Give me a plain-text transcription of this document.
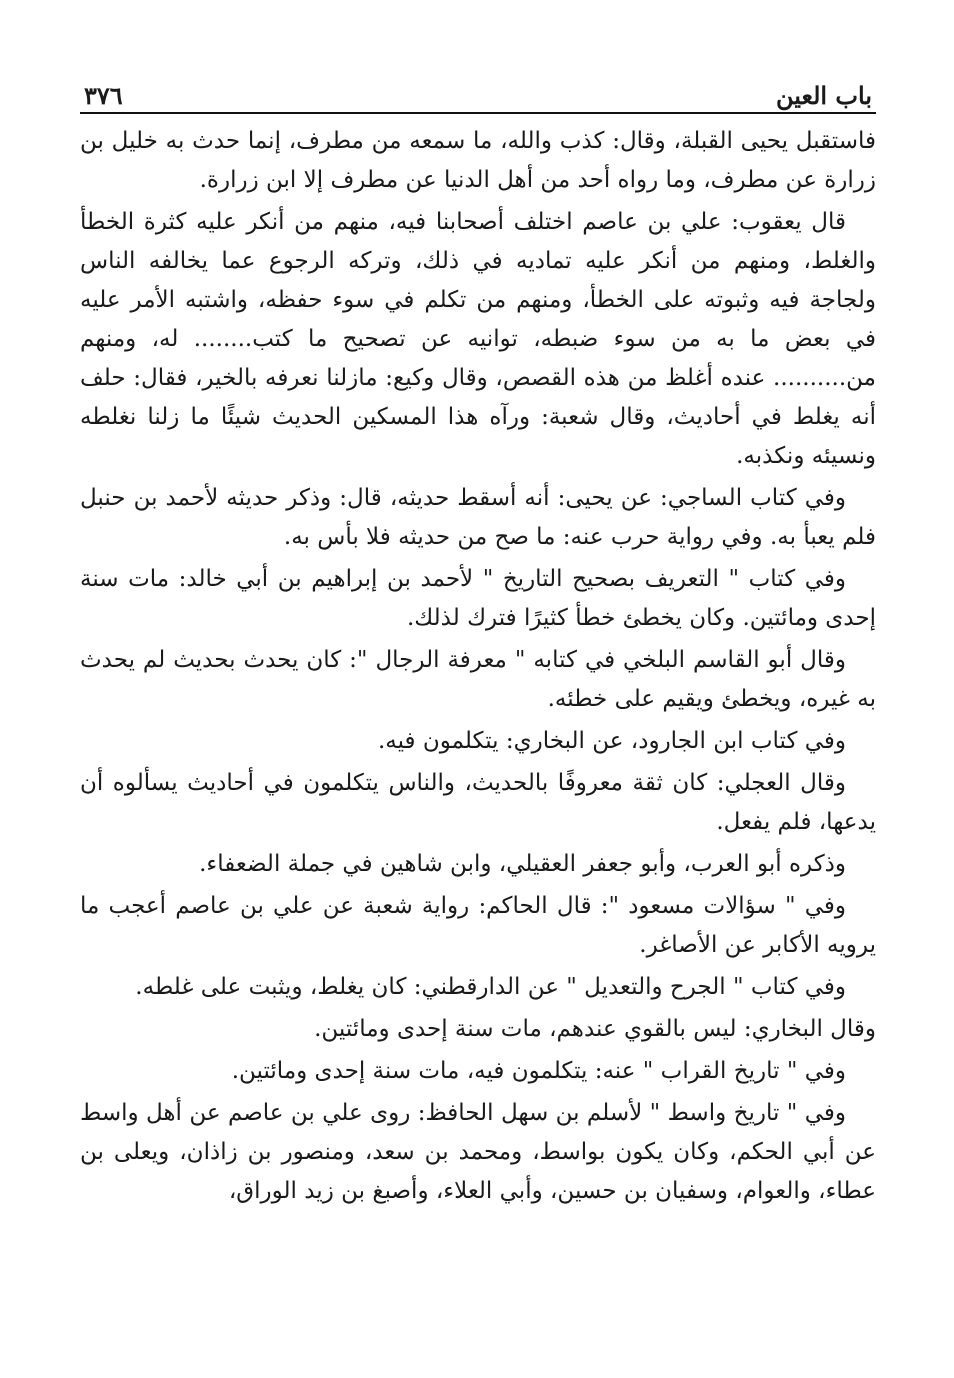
باب العين
٣٧٦

فاستقبل يحيى القبلة، وقال: كذب والله، ما سمعه من مطرف، إنما حدث به خليل بن زرارة عن مطرف، وما رواه أحد من أهل الدنيا عن مطرف إلا ابن زرارة.

قال يعقوب: علي بن عاصم اختلف أصحابنا فيه، منهم من أنكر عليه كثرة الخطأ والغلط، ومنهم من أنكر عليه تماديه في ذلك، وتركه الرجوع عما يخالفه الناس ولجاجة فيه وثبوته على الخطأ، ومنهم من تكلم في سوء حفظه، واشتبه الأمر عليه في بعض ما به من سوء ضبطه، توانيه عن تصحيح ما كتب........ له، ومنهم من.......... عنده أغلظ من هذه القصص، وقال وكيع: مازلنا نعرفه بالخير، فقال: حلف أنه يغلط في أحاديث، وقال شعبة: ورآه هذا المسكين الحديث شيئًا ما زلنا نغلطه ونسيئه ونكذبه.

وفي كتاب الساجي: عن يحيى: أنه أسقط حديثه، قال: وذكر حديثه لأحمد بن حنبل فلم يعبأ به. وفي رواية حرب عنه: ما صح من حديثه فلا بأس به.

وفي كتاب " التعريف بصحيح التاريخ " لأحمد بن إبراهيم بن أبي خالد: مات سنة إحدى ومائتين. وكان يخطئ خطأ كثيرًا فترك لذلك.

وقال أبو القاسم البلخي في كتابه " معرفة الرجال ": كان يحدث بحديث لم يحدث به غيره، ويخطئ ويقيم على خطئه.

وفي كتاب ابن الجارود، عن البخاري: يتكلمون فيه.

وقال العجلي: كان ثقة معروفًا بالحديث، والناس يتكلمون في أحاديث يسألوه أن يدعها، فلم يفعل.

وذكره أبو العرب، وأبو جعفر العقيلي، وابن شاهين في جملة الضعفاء.

وفي " سؤالات مسعود ": قال الحاكم: رواية شعبة عن علي بن عاصم أعجب ما يرويه الأكابر عن الأصاغر.

وفي كتاب " الجرح والتعديل " عن الدارقطني: كان يغلط، ويثبت على غلطه.

وقال البخاري: ليس بالقوي عندهم، مات سنة إحدى ومائتين.

وفي " تاريخ القراب " عنه: يتكلمون فيه، مات سنة إحدى ومائتين.

وفي " تاريخ واسط " لأسلم بن سهل الحافظ: روى علي بن عاصم عن أهل واسط عن أبي الحكم، وكان يكون بواسط، ومحمد بن سعد، ومنصور بن زاذان، ويعلى بن عطاء، والعوام، وسفيان بن حسين، وأبي العلاء، وأصبغ بن زيد الوراق،
